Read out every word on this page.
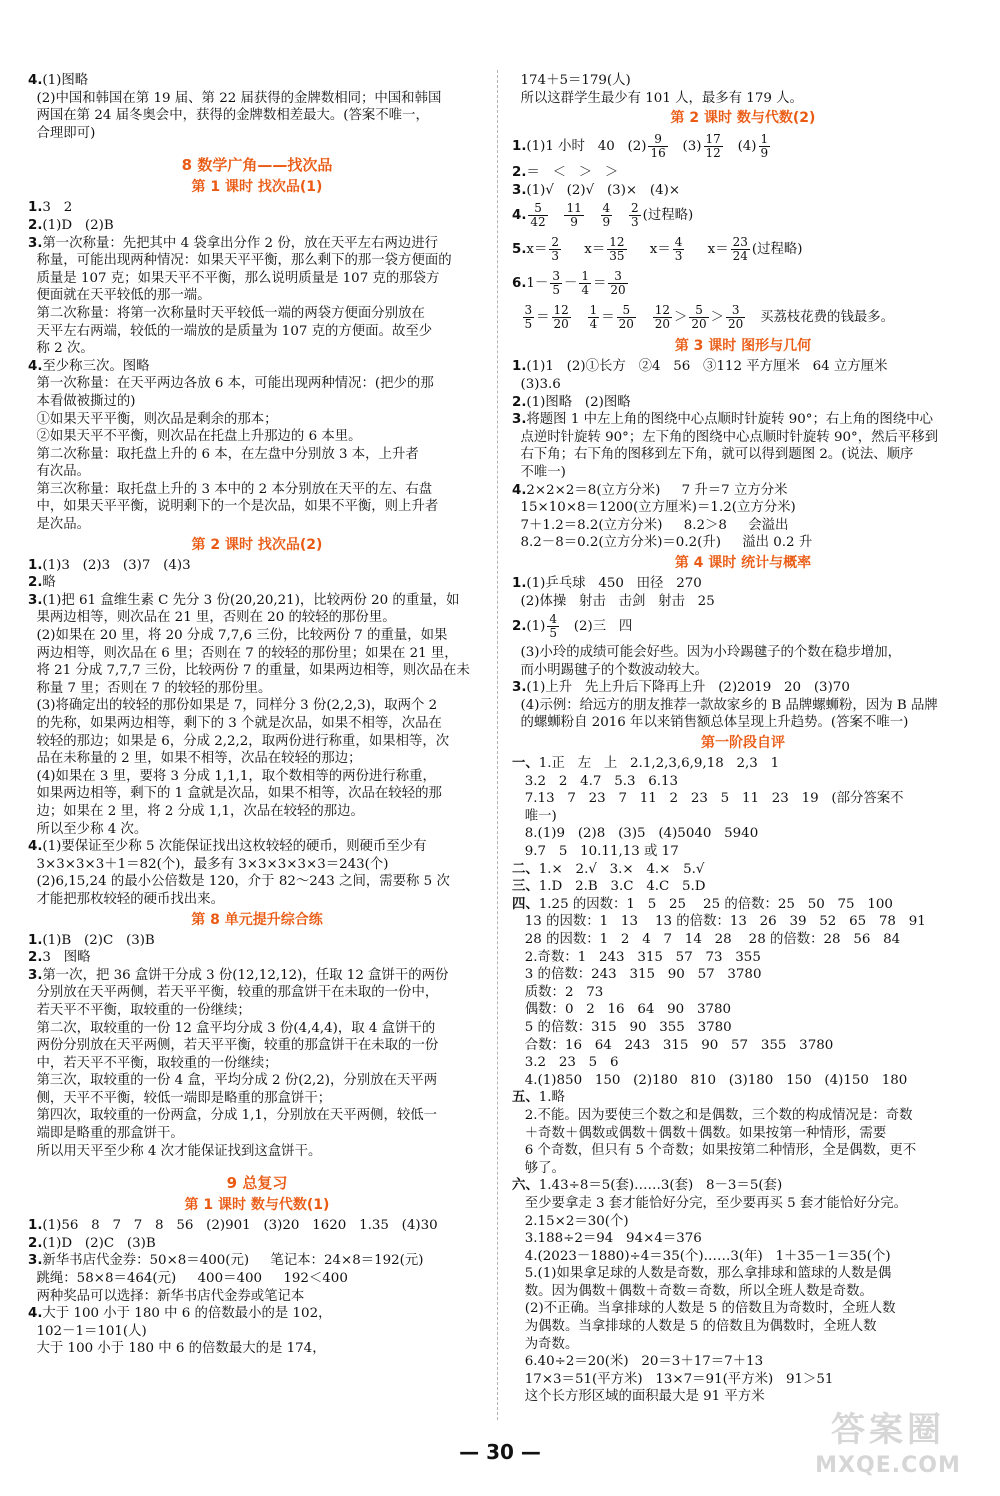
4.(1)图略
(2)中国和韩国在第 19 届、第 22 届获得的金牌数相同；中国和韩国
两国在第 24 届冬奥会中，获得的金牌数相差最大。(答案不唯一，
合理即可)
8 数学广角——找次品
第 1 课时 找次品(1)
1.3   2
2.(1)D   (2)B
3.第一次称量：先把其中 4 袋拿出分作 2 份，放在天平左右两边进行
称量，可能出现两种情况：如果天平平衡，那么剩下的那一袋方便面的
质量是 107 克；如果天平不平衡，那么说明质量是 107 克的那袋方
便面就在天平较低的那一端。
第二次称量：将第一次称量时天平较低一端的两袋方便面分别放在
天平左右两端，较低的一端放的是质量为 107 克的方便面。故至少
称 2 次。
4.至少称三次。图略
第一次称量：在天平两边各放 6 本，可能出现两种情况：(把少的那
本看做被撕过的)
①如果天平平衡，则次品是剩余的那本；
②如果天平不平衡，则次品在托盘上升那边的 6 本里。
第二次称量：取托盘上升的 6 本，在左盘中分别放 3 本，上升者
有次品。
第三次称量：取托盘上升的 3 本中的 2 本分别放在天平的左、右盘
中，如果天平平衡，说明剩下的一个是次品，如果不平衡，则上升者
是次品。
第 2 课时 找次品(2)
1.(1)3   (2)3   (3)7   (4)3
2.略
3.(1)把 61 盒维生素 C 先分 3 份(20,20,21)，比较两份 20 的重量，如
果两边相等，则次品在 21 里，否则在 20 的较轻的那份里。
(2)如果在 20 里，将 20 分成 7,7,6 三份，比较两份 7 的重量，如果
两边相等，则次品在 6 里；否则在 7 的较轻的那份里；如果在 21 里，
将 21 分成 7,7,7 三份，比较两份 7 的重量，如果两边相等，则次品在未
称量 7 里；否则在 7 的较轻的那份里。
(3)将确定出的较轻的那份如果是 7，同样分 3 份(2,2,3)，取两个 2
的先称，如果两边相等，剩下的 3 个就是次品，如果不相等，次品在
较轻的那边；如果是 6，分成 2,2,2，取两份进行称重，如果相等，次
品在未称量的 2 里，如果不相等，次品在较轻的那边；
(4)如果在 3 里，要将 3 分成 1,1,1，取个数相等的两份进行称重，
如果两边相等，剩下的 1 盒就是次品，如果不相等，次品在较轻的那
边；如果在 2 里，将 2 分成 1,1，次品在较轻的那边。
所以至少称 4 次。
4.(1)要保证至少称 5 次能保证找出这枚较轻的硬币，则硬币至少有
3×3×3×3＋1＝82(个)，最多有 3×3×3×3×3＝243(个)
(2)6,15,24 的最小公倍数是 120，介于 82～243 之间，需要称 5 次
才能把那枚较轻的硬币找出来。
第 8 单元提升综合练
1.(1)B   (2)C   (3)B
2.3   图略
3.第一次，把 36 盒饼干分成 3 份(12,12,12)，任取 12 盒饼干的两份
分别放在天平两侧，若天平平衡，较重的那盒饼干在未取的一份中，
若天平不平衡，取较重的一份继续；
第二次，取较重的一份 12 盒平均分成 3 份(4,4,4)，取 4 盒饼干的
两份分别放在天平两侧，若天平平衡，较重的那盒饼干在未取的一份
中，若天平不平衡，取较重的一份继续；
第三次，取较重的一份 4 盒，平均分成 2 份(2,2)，分别放在天平两
侧，天平不平衡，较低一端即是略重的那盒饼干；
第四次，取较重的一份两盒，分成 1,1，分别放在天平两侧，较低一
端即是略重的那盒饼干。
所以用天平至少称 4 次才能保证找到这盒饼干。
9 总复习
第 1 课时 数与代数(1)
1.(1)56   8   7   7   8   56   (2)901   (3)20   1620   1.35   (4)30
2.(1)D   (2)C   (3)B
3.新华书店代金券：50×8＝400(元)     笔记本：24×8＝192(元)
跳绳：58×8＝464(元)     400＝400     192＜400
两种奖品可以选择：新华书店代金券或笔记本
4.大于 100 小于 180 中 6 的倍数最小的是 102，
102－1＝101(人)
大于 100 小于 180 中 6 的倍数最大的是 174，
174＋5＝179(人)
所以这群学生最少有 101 人，最多有 179 人。
第 2 课时 数与代数(2)
1.(1)1 小时   40   $(2) \frac{9}{16} (3) \frac{17}{12} (4) \frac{1}{9}$
2.＝   ＜   ＞   ＞
3.(1)√   (2)√   (3)×   (4)×
4. $\frac{5}{42}$
$\frac{11}{9}$
$\frac{4}{9}$
$\frac{2}{3}$ (过程略)
$5.x= \frac{2}{3} x= \frac{12}{35} x= \frac{4}{3} x= \frac{23}{24}$ (过程略)
$6.1- \frac{3}{5} - \frac{1}{4} = \frac{3}{20}$

$\frac{3}{5} = \frac{12}{20}$
$\frac{1}{4} = \frac{5}{20}$
$\frac{12}{20} > \frac{5}{20} > \frac{3}{20}$ 买荔枝花费的钱最多。
第 3 课时 图形与几何
1.(1)1   (2)①长方   ②4   56   ③112 平方厘米   64 立方厘米
(3)3.6
2.(1)图略   (2)图略
3.将题图 1 中左上角的图绕中心点顺时针旋转 90°；右上角的图绕中心
点逆时针旋转 90°；左下角的图绕中心点顺时针旋转 90°，然后平移到
右下角；右下角的图移到左下角，就可以得到题图 2。(说法、顺序
不唯一)
4.2×2×2＝8(立方分米)     7 升＝7 立方分米
15×10×8＝1200(立方厘米)＝1.2(立方分米)
7＋1.2＝8.2(立方分米)     8.2＞8     会溢出
8.2－8＝0.2(立方分米)＝0.2(升)     溢出 0.2 升
第 4 课时 统计与概率
1.(1)乒乓球   450   田径   270
(2)体操   射击   击剑   射击   25
$2.(1) \frac{4}{5} (2)$三   四
(3)小玲的成绩可能会好些。因为小玲踢毽子的个数在稳步增加，
而小明踢毽子的个数波动较大。
3.(1)上升   先上升后下降再上升   (2)2019   20   (3)70
(4)示例：给远方的朋友推荐一款故家乡的 B 品牌螺蛳粉，因为 B 品牌
的螺蛳粉自 2016 年以来销售额总体呈现上升趋势。(答案不唯一)
第一阶段自评
一、1.正   左   上   2.1,2,3,6,9,18   2,3   1
3.2   2   4.7   5.3   6.13
7.13   7   23   7   11   2   23   5   11   23   19   (部分答案不
唯一)
8.(1)9   (2)8   (3)5   (4)5040   5940
9.7   5   10.11,13 或 17
二、1.×   2.√   3.×   4.×   5.√
三、1.D   2.B   3.C   4.C   5.D
四、1.25 的因数：1   5   25    25 的倍数：25   50   75   100
13 的因数：1   13    13 的倍数：13   26   39   52   65   78   91
28 的因数：1   2   4   7   14   28    28 的倍数：28   56   84
2.奇数：1   243   315   57   73   355
3 的倍数：243   315   90   57   3780
质数：2   73
偶数：0   2   16   64   90   3780
5 的倍数：315   90   355   3780
合数：16   64   243   315   90   57   355   3780
3.2   23   5   6
4.(1)850   150   (2)180   810   (3)180   150   (4)150   180
五、1.略
2.不能。因为要使三个数之和是偶数，三个数的构成情况是：奇数
＋奇数＋偶数或偶数＋偶数＋偶数。如果按第一种情形，需要
6 个奇数，但只有 5 个奇数；如果按第二种情形，全是偶数，更不
够了。
六、1.43÷8＝5(套)……3(套)   8－3＝5(套)
至少要拿走 3 套才能恰好分完，至少要再买 5 套才能恰好分完。
2.15×2＝30(个)
3.188÷2＝94   94×4＝376
4.(2023－1880)÷4＝35(个)……3(年)   1＋35－1＝35(个)
5.(1)如果拿足球的人数是奇数，那么拿排球和篮球的人数是偶
数。因为偶数＋偶数＋奇数＝奇数，所以全班人数是奇数。
(2)不正确。当拿排球的人数是 5 的倍数且为奇数时，全班人数
为偶数。当拿排球的人数是 5 的倍数且为偶数时，全班人数
为奇数。
6.40÷2＝20(米)   20＝3＋17＝7＋13
17×3＝51(平方米)   13×7＝91(平方米)   91＞51
这个长方形区域的面积最大是 91 平方米
— 30 —
答案圈
MXQE.COM
